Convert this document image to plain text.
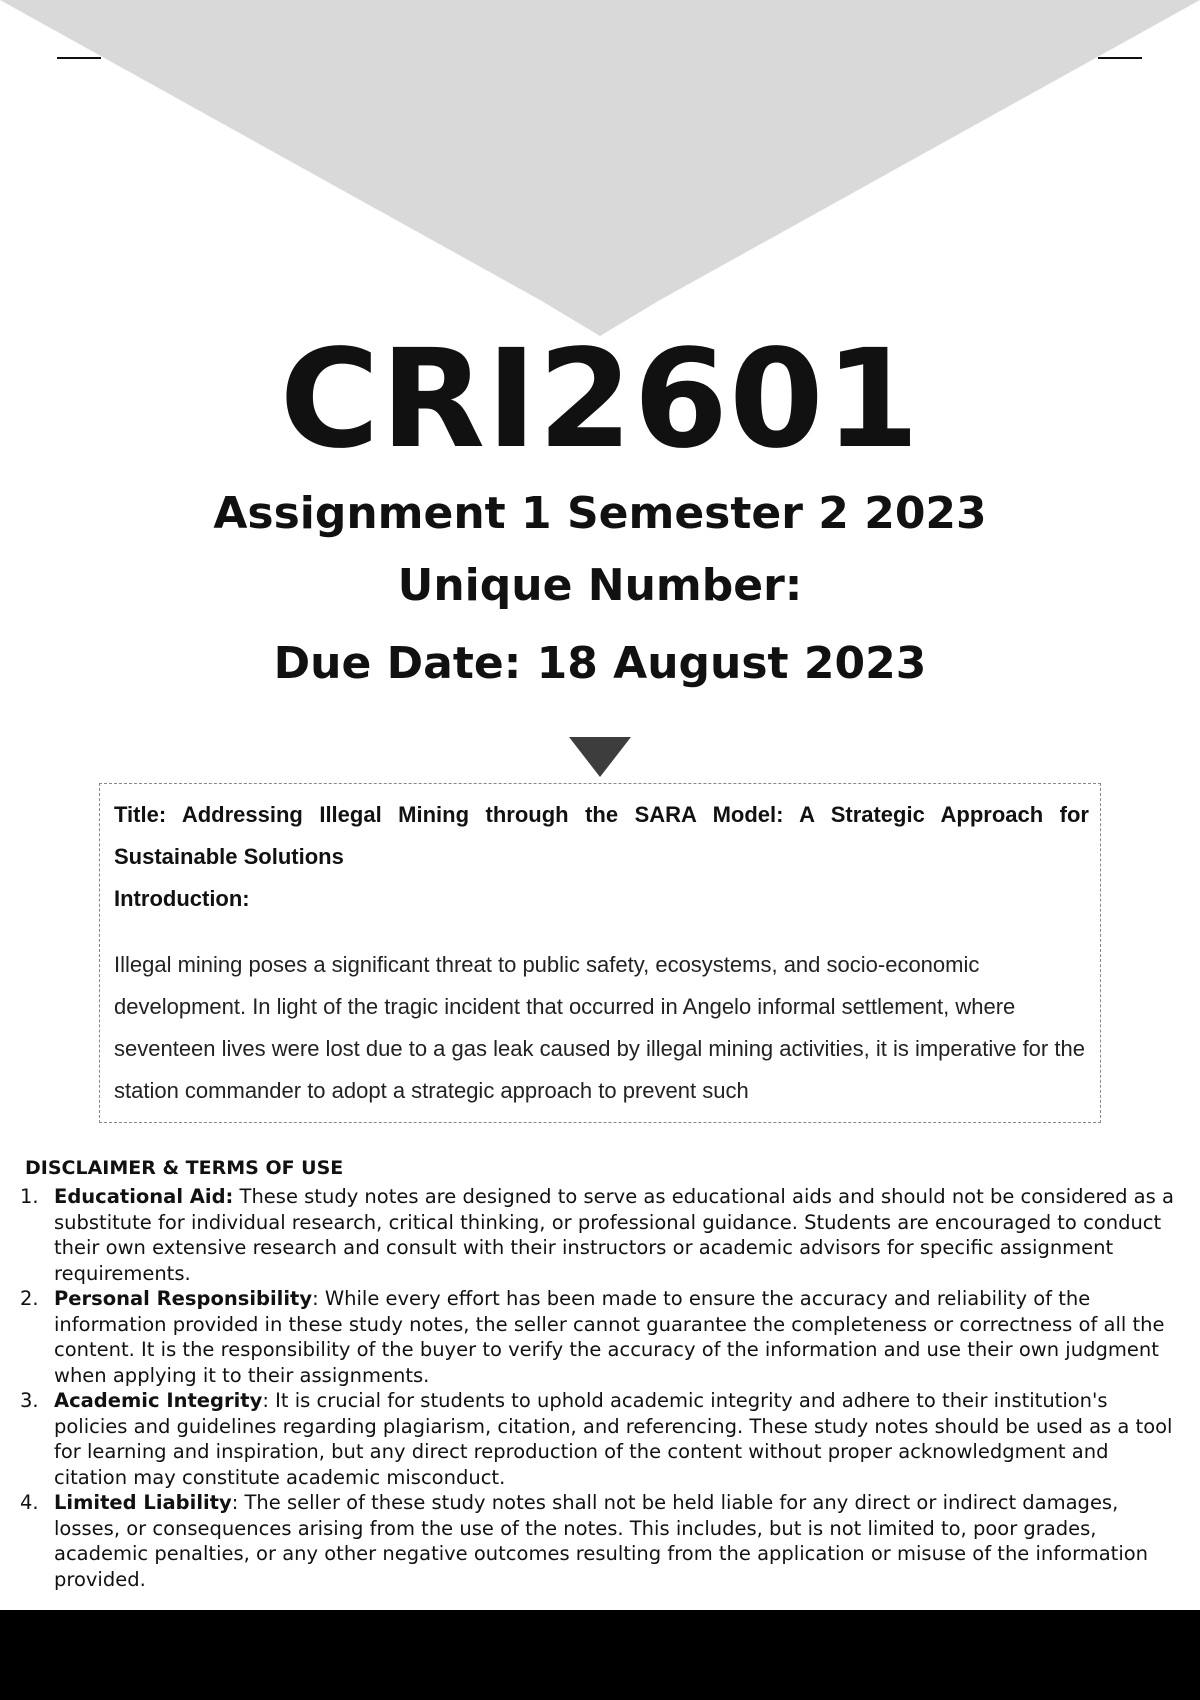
CRI2601
Assignment 1 Semester 2 2023
Unique Number:
Due Date: 18 August 2023
Title: Addressing Illegal Mining through the SARA Model: A Strategic Approach for Sustainable Solutions
Introduction:
Illegal mining poses a significant threat to public safety, ecosystems, and socio-economic development. In light of the tragic incident that occurred in Angelo informal settlement, where seventeen lives were lost due to a gas leak caused by illegal mining activities, it is imperative for the station commander to adopt a strategic approach to prevent such
DISCLAIMER & TERMS OF USE
1. Educational Aid: These study notes are designed to serve as educational aids and should not be considered as a substitute for individual research, critical thinking, or professional guidance. Students are encouraged to conduct their own extensive research and consult with their instructors or academic advisors for specific assignment requirements.
2. Personal Responsibility: While every effort has been made to ensure the accuracy and reliability of the information provided in these study notes, the seller cannot guarantee the completeness or correctness of all the content. It is the responsibility of the buyer to verify the accuracy of the information and use their own judgment when applying it to their assignments.
3. Academic Integrity: It is crucial for students to uphold academic integrity and adhere to their institution's policies and guidelines regarding plagiarism, citation, and referencing. These study notes should be used as a tool for learning and inspiration, but any direct reproduction of the content without proper acknowledgment and citation may constitute academic misconduct.
4. Limited Liability: The seller of these study notes shall not be held liable for any direct or indirect damages, losses, or consequences arising from the use of the notes. This includes, but is not limited to, poor grades, academic penalties, or any other negative outcomes resulting from the application or misuse of the information provided.
